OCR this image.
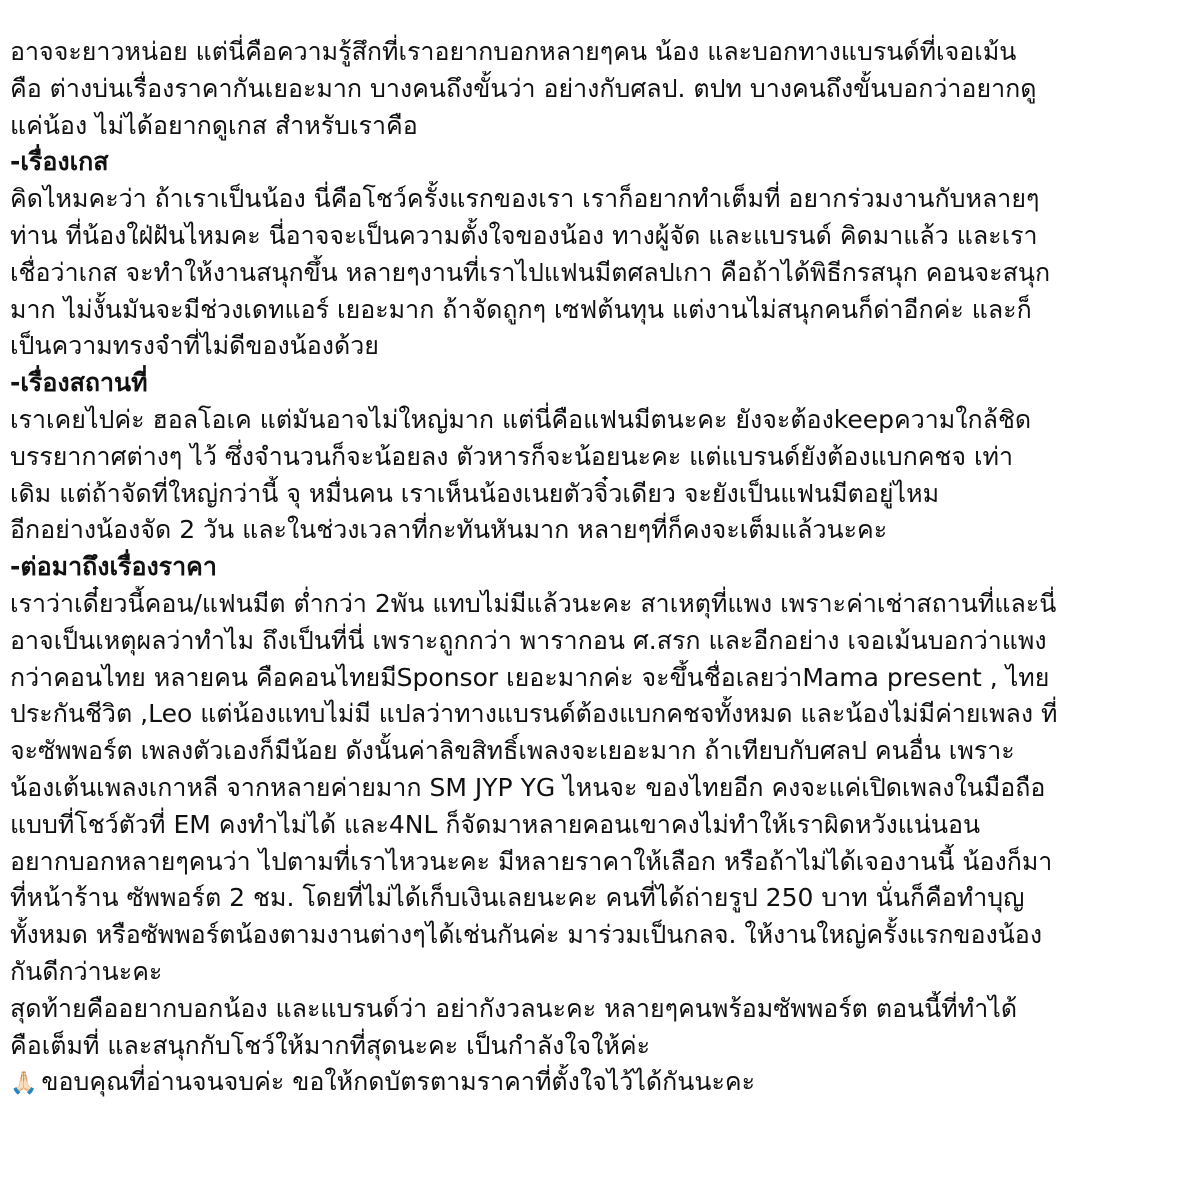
อาจจะยาวหน่อย แต่นี่คือความรู้สึกที่เราอยากบอกหลายๆคน น้อง และบอกทางแบรนด์ที่เจอเม้น
คือ ต่างบ่นเรื่องราคากันเยอะมาก บางคนถึงขั้นว่า อย่างกับศลป. ตปท บางคนถึงขั้นบอกว่าอยากดู
แค่น้อง ไม่ได้อยากดูเกส สำหรับเราคือ
-เรื่องเกส
คิดไหมคะว่า ถ้าเราเป็นน้อง นี่คือโชว์ครั้งแรกของเรา เราก็อยากทำเต็มที่ อยากร่วมงานกับหลายๆ
ท่าน ที่น้องใฝ่ฝันไหมคะ นี่อาจจะเป็นความตั้งใจของน้อง ทางผู้จัด และแบรนด์ คิดมาแล้ว และเรา
เชื่อว่าเกส จะทำให้งานสนุกขึ้น หลายๆงานที่เราไปแฟนมีตศลปเกา คือถ้าได้พิธีกรสนุก คอนจะสนุก
มาก ไม่งั้นมันจะมีช่วงเดทแอร์ เยอะมาก ถ้าจัดถูกๆ เซฟต้นทุน แต่งานไม่สนุกคนก็ด่าอีกค่ะ และก็
เป็นความทรงจำที่ไม่ดีของน้องด้วย
-เรื่องสถานที่
เราเคยไปค่ะ ฮอลโอเค แต่มันอาจไม่ใหญ่มาก แต่นี่คือแฟนมีตนะคะ ยังจะต้องkeepความใกล้ชิด
บรรยากาศต่างๆ ไว้ ซึ่งจำนวนก็จะน้อยลง ตัวหารก็จะน้อยนะคะ แต่แบรนด์ยังต้องแบกคชจ เท่า
เดิม แต่ถ้าจัดที่ใหญ่กว่านี้ จุ หมื่นคน เราเห็นน้องเนยตัวจิ๋วเดียว จะยังเป็นแฟนมีตอยู่ไหม
อีกอย่างน้องจัด 2 วัน และในช่วงเวลาที่กะทันหันมาก หลายๆที่ก็คงจะเต็มแล้วนะคะ
-ต่อมาถึงเรื่องราคา
เราว่าเดี๋ยวนี้คอน/แฟนมีต ต่ำกว่า 2พัน แทบไม่มีแล้วนะคะ สาเหตุที่แพง เพราะค่าเช่าสถานที่และนี่
อาจเป็นเหตุผลว่าทำไม ถึงเป็นที่นี่ เพราะถูกกว่า พารากอน ศ.สรก และอีกอย่าง เจอเม้นบอกว่าแพง
กว่าคอนไทย หลายคน คือคอนไทยมีSponsor เยอะมากค่ะ จะขึ้นชื่อเลยว่าMama present , ไทย
ประกันชีวิต ,Leo แต่น้องแทบไม่มี แปลว่าทางแบรนด์ต้องแบกคชจทั้งหมด และน้องไม่มีค่ายเพลง ที่
จะซัพพอร์ต เพลงตัวเองก็มีน้อย ดังนั้นค่าลิขสิทธิ์เพลงจะเยอะมาก ถ้าเทียบกับศลป คนอื่น เพราะ
น้องเต้นเพลงเกาหลี จากหลายค่ายมาก SM JYP YG ไหนจะ ของไทยอีก คงจะแค่เปิดเพลงในมือถือ
แบบที่โชว์ตัวที่ EM คงทำไม่ได้ และ4NL ก็จัดมาหลายคอนเขาคงไม่ทำให้เราผิดหวังแน่นอน
อยากบอกหลายๆคนว่า ไปตามที่เราไหวนะคะ มีหลายราคาให้เลือก หรือถ้าไม่ได้เจองานนี้ น้องก็มา
ที่หน้าร้าน ซัพพอร์ต 2 ชม. โดยที่ไม่ได้เก็บเงินเลยนะคะ คนที่ได้ถ่ายรูป 250 บาท นั่นก็คือทำบุญ
ทั้งหมด หรือซัพพอร์ตน้องตามงานต่างๆได้เช่นกันค่ะ มาร่วมเป็นกลจ. ให้งานใหญ่ครั้งแรกของน้อง
กันดีกว่านะคะ
สุดท้ายคืออยากบอกน้อง และแบรนด์ว่า อย่ากังวลนะคะ หลายๆคนพร้อมซัพพอร์ต ตอนนี้ที่ทำได้
คือเต็มที่ และสนุกกับโชว์ให้มากที่สุดนะคะ เป็นกำลังใจให้ค่ะ
🙏🏻 ขอบคุณที่อ่านจนจบค่ะ ขอให้กดบัตรตามราคาที่ตั้งใจไว้ได้กันนะคะ
